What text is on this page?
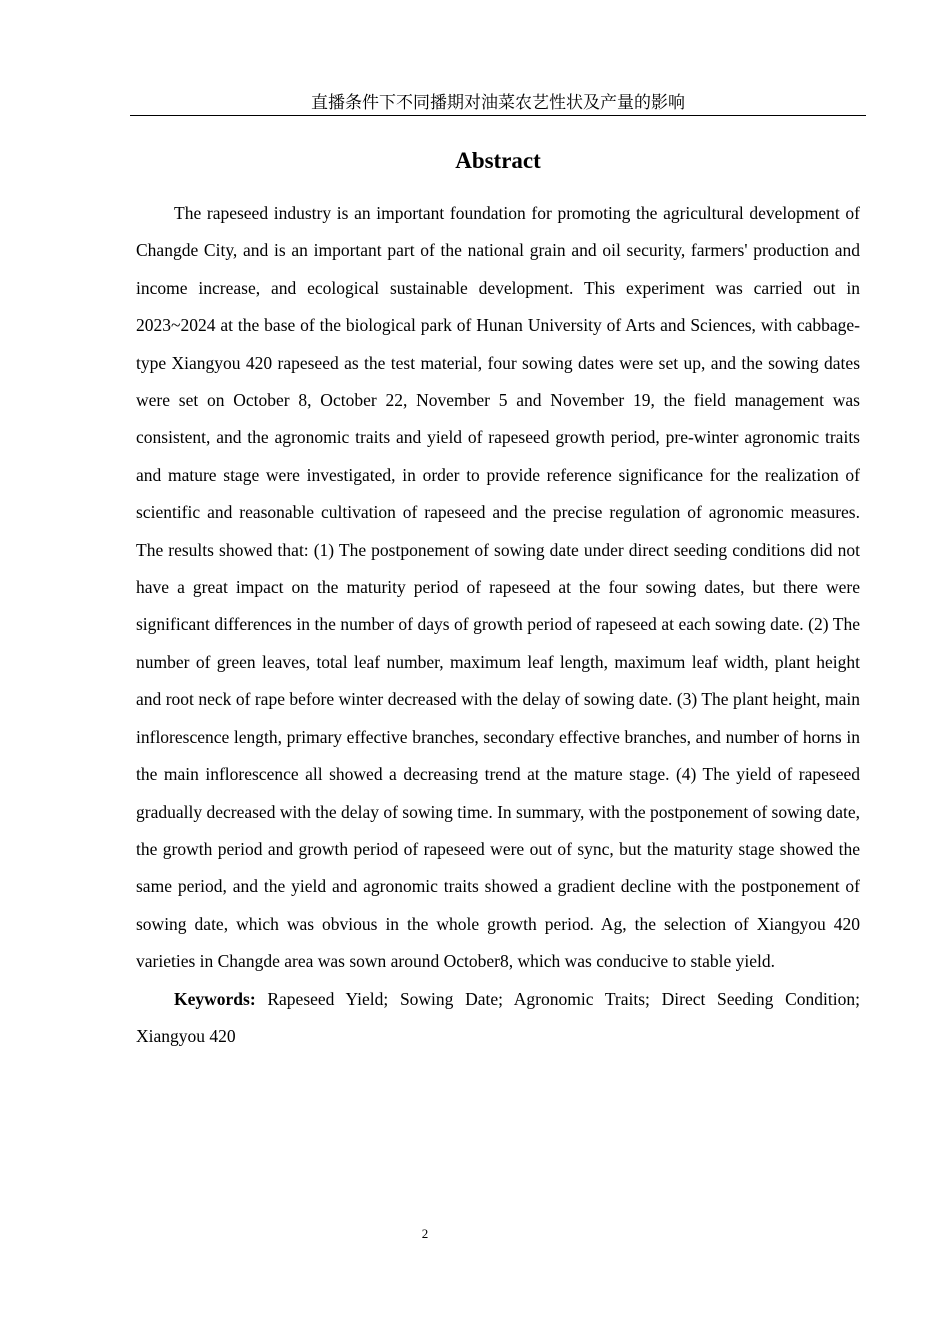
直播条件下不同播期对油菜农艺性状及产量的影响
Abstract

The rapeseed industry is an important foundation for promoting the agricultural development of Changde City, and is an important part of the national grain and oil security, farmers' production and income increase, and ecological sustainable development. This experiment was carried out in 2023~2024 at the base of the biological park of Hunan University of Arts and Sciences, with cabbage-type Xiangyou 420 rapeseed as the test material, four sowing dates were set up, and the sowing dates were set on October 8, October 22, November 5 and November 19, the field management was consistent, and the agronomic traits and yield of rapeseed growth period, pre-winter agronomic traits and mature stage were investigated, in order to provide reference significance for the realization of scientific and reasonable cultivation of rapeseed and the precise regulation of agronomic measures. The results showed that: (1) The postponement of sowing date under direct seeding conditions did not have a great impact on the maturity period of rapeseed at the four sowing dates, but there were significant differences in the number of days of growth period of rapeseed at each sowing date. (2) The number of green leaves, total leaf number, maximum leaf length, maximum leaf width, plant height and root neck of rape before winter decreased with the delay of sowing date. (3) The plant height, main inflorescence length, primary effective branches, secondary effective branches, and number of horns in the main inflorescence all showed a decreasing trend at the mature stage. (4) The yield of rapeseed gradually decreased with the delay of sowing time. In summary, with the postponement of sowing date, the growth period and growth period of rapeseed were out of sync, but the maturity stage showed the same period, and the yield and agronomic traits showed a gradient decline with the postponement of sowing date, which was obvious in the whole growth period. Ag, the selection of Xiangyou 420 varieties in Changde area was sown around October8, which was conducive to stable yield.

Keywords: Rapeseed Yield; Sowing Date; Agronomic Traits; Direct Seeding Condition; Xiangyou 420

2
